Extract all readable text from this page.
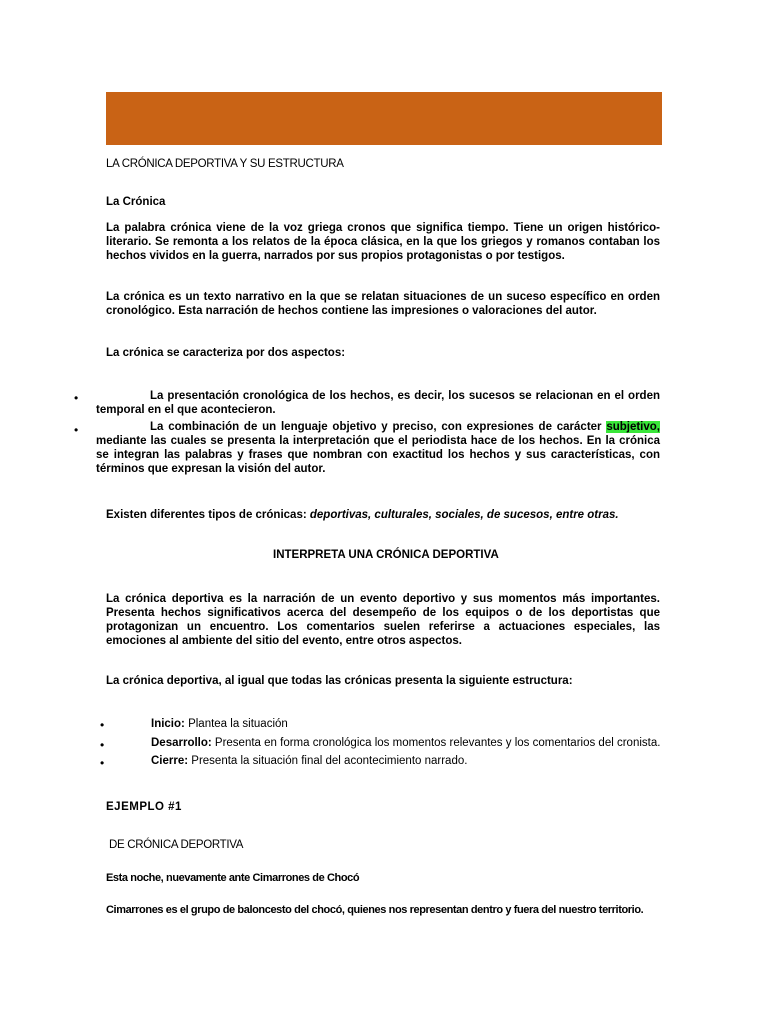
LA CRÓNICA DEPORTIVA Y SU ESTRUCTURA
La Crónica
La palabra crónica viene de la voz griega cronos que significa tiempo. Tiene un origen histórico-literario. Se remonta a los relatos de la época clásica, en la que los griegos y romanos contaban los hechos vividos en la guerra, narrados por sus propios protagonistas o por testigos.
La crónica es un texto narrativo en la que se relatan situaciones de un suceso específico en orden cronológico. Esta narración de hechos contiene las impresiones o valoraciones del autor.
La crónica se caracteriza por dos aspectos:
•	La presentación cronológica de los hechos, es decir, los sucesos se relacionan en el orden temporal en el que acontecieron.
•	La combinación de un lenguaje objetivo y preciso, con expresiones de carácter subjetivo, mediante las cuales se presenta la interpretación que el periodista hace de los hechos. En la crónica se integran las palabras y frases que nombran con exactitud los hechos y sus características, con términos que expresan la visión del autor.
Existen diferentes tipos de crónicas: deportivas, culturales, sociales, de sucesos, entre otras.
INTERPRETA UNA CRÓNICA DEPORTIVA
La crónica deportiva es la narración de un evento deportivo y sus momentos más importantes. Presenta hechos significativos acerca del desempeño de los equipos o de los deportistas que protagonizan un encuentro. Los comentarios suelen referirse a actuaciones especiales, las emociones al ambiente del sitio del evento, entre otros aspectos.
La crónica deportiva, al igual que todas las crónicas presenta la siguiente estructura:
•	Inicio: Plantea la situación
•	Desarrollo: Presenta en forma cronológica los momentos relevantes y los comentarios del cronista.
•	Cierre: Presenta la situación final del acontecimiento narrado.
EJEMPLO #1
DE CRÓNICA DEPORTIVA
Esta noche, nuevamente ante Cimarrones de Chocó
Cimarrones es el grupo de baloncesto del chocó, quienes nos representan dentro y fuera del nuestro territorio.
